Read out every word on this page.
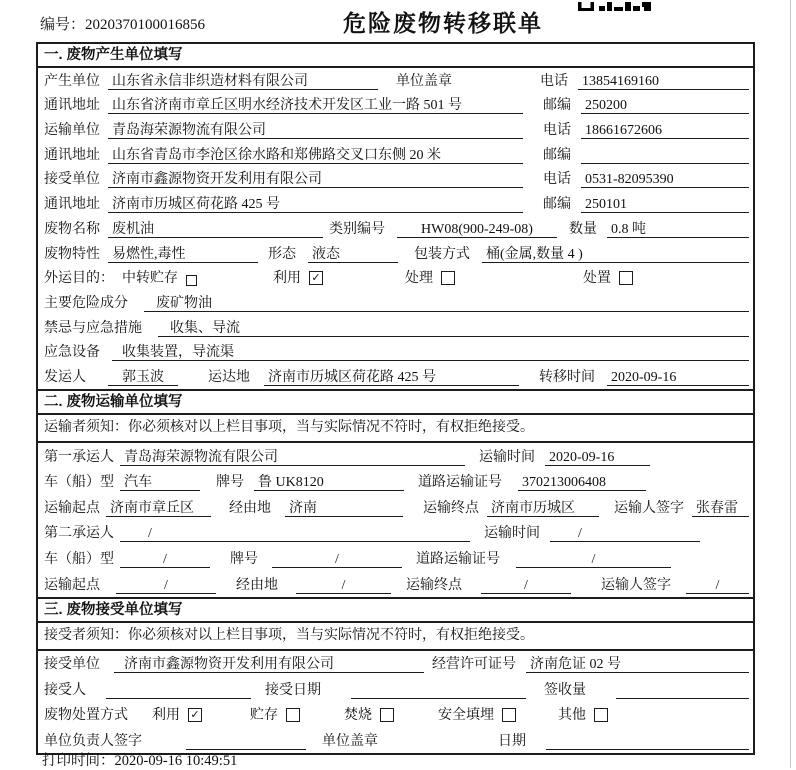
编号：2020370100016856	危险废物转移联单
一. 废物产生单位填写
产生单位 山东省永信非织造材料有限公司	单位盖章	电话 13854169160
通讯地址 山东省济南市章丘区明水经济技术开发区工业一路 501 号	邮编 250200
运输单位 青岛海荣源物流有限公司	电话 18661672606
通讯地址 山东省青岛市李沧区徐水路和郑佛路交叉口东侧 20 米	邮编
接受单位 济南市鑫源物资开发利用有限公司	电话 0531-82095390
通讯地址 济南市历城区荷花路 425 号	邮编 250101
废物名称 废机油	类别编号	HW08(900-249-08)	数量 0.8 吨
废物特性 易燃性,毒性	形态 液态	包装方式 桶(金属,数量 4 )
外运目的： 中转贮存	利用 ✓	处理	处置
主要危险成分	废矿物油
禁忌与应急措施	收集、导流
应急设备	收集装置，导流渠
发运人	郭玉波	运达地 济南市历城区荷花路 425 号	转移时间 2020-09-16
二. 废物运输单位填写
运输者须知：你必须核对以上栏目事项，当与实际情况不符时，有权拒绝接受。
第一承运人 青岛海荣源物流有限公司	运输时间 2020-09-16
车（船）型 汽车	牌号 鲁 UK8120	道路运输证号 370213006408
运输起点 济南市章丘区	经由地 济南	运输终点 济南市历城区	运输人签字 张春雷
第二承运人	/	运输时间	/
车（船）型	/	牌号	/	道路运输证号	/
运输起点	/	经由地	/	运输终点	/	运输人签字	/
三. 废物接受单位填写
接受者须知：你必须核对以上栏目事项，当与实际情况不符时，有权拒绝接受。
接受单位	济南市鑫源物资开发利用有限公司	经营许可证号 济南危证 02 号
接受人	接受日期	签收量
废物处置方式 利用 ✓	贮存	焚烧	安全填埋	其他
单位负责人签字	单位盖章	日期
打印时间：2020-09-16 10:49:51
